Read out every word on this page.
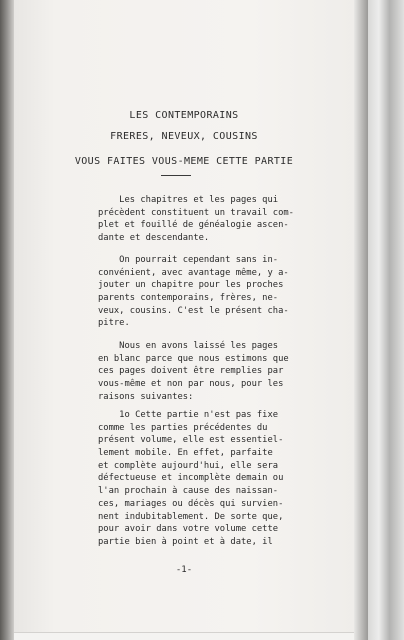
LES CONTEMPORAINS
FRERES, NEVEUX, COUSINS
VOUS FAITES VOUS-MEME CETTE PARTIE
Les chapitres et les pages qui
précèdent constituent un travail com-
plet et fouillé de généalogie ascen-
dante et descendante.
On pourrait cependant sans in-
convénient, avec avantage même, y a-
jouter un chapitre pour les proches
parents contemporains, frères, ne-
veux, cousins. C'est le présent cha-
pitre.
Nous en avons laissé les pages
en blanc parce que nous estimons que
ces pages doivent être remplies par
vous-même et non par nous, pour les
raisons suivantes:
1o Cette partie n'est pas fixe
comme les parties précédentes du
présent volume, elle est essentiel-
lement mobile. En effet, parfaite
et complète aujourd'hui, elle sera
défectueuse et incomplète demain ou
l'an prochain à cause des naissan-
ces, mariages ou décès qui survien-
nent indubitablement. De sorte que,
pour avoir dans votre volume cette
partie bien à point et à date, il
-1-
